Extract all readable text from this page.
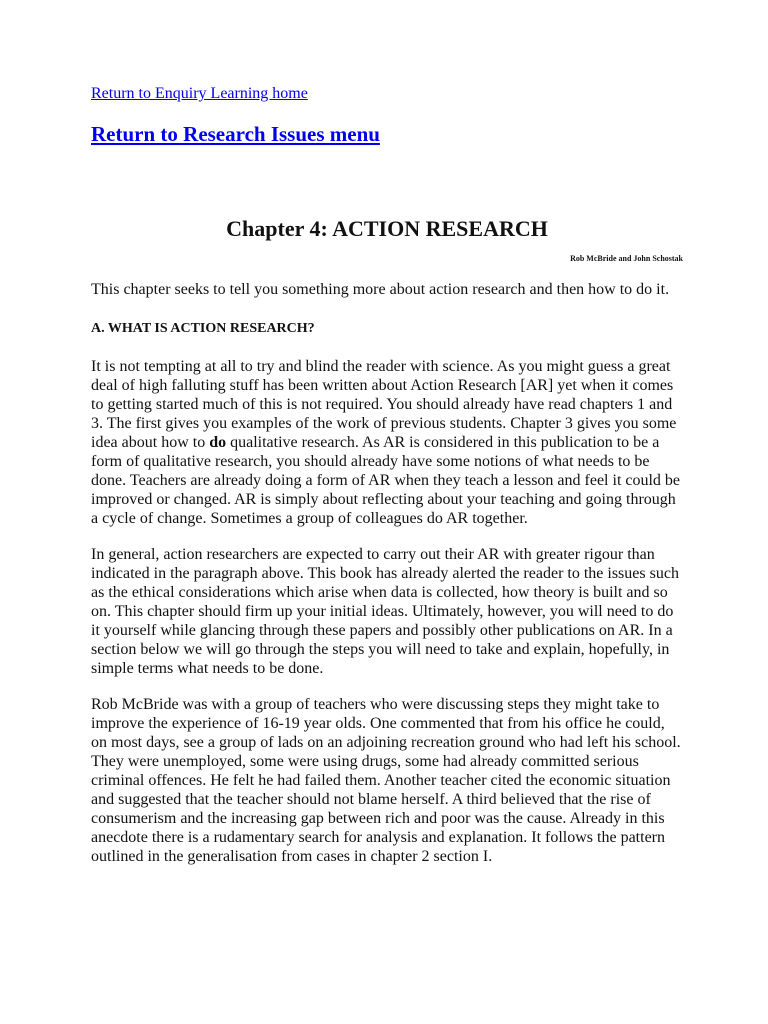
Return to Enquiry Learning home
Return to Research Issues menu
Chapter 4: ACTION RESEARCH
Rob McBride and John Schostak

This chapter seeks to tell you something more about action research and then how to do it.

A. WHAT IS ACTION RESEARCH?

It is not tempting at all to try and blind the reader with science. As you might guess a great deal of high falluting stuff has been written about Action Research [AR] yet when it comes to getting started much of this is not required. You should already have read chapters 1 and 3. The first gives you examples of the work of previous students. Chapter 3 gives you some idea about how to do qualitative research. As AR is considered in this publication to be a form of qualitative research, you should already have some notions of what needs to be done. Teachers are already doing a form of AR when they teach a lesson and feel it could be improved or changed. AR is simply about reflecting about your teaching and going through a cycle of change. Sometimes a group of colleagues do AR together.

In general, action researchers are expected to carry out their AR with greater rigour than indicated in the paragraph above. This book has already alerted the reader to the issues such as the ethical considerations which arise when data is collected, how theory is built and so on. This chapter should firm up your initial ideas. Ultimately, however, you will need to do it yourself while glancing through these papers and possibly other publications on AR. In a section below we will go through the steps you will need to take and explain, hopefully, in simple terms what needs to be done.

Rob McBride was with a group of teachers who were discussing steps they might take to improve the experience of 16-19 year olds. One commented that from his office he could, on most days, see a group of lads on an adjoining recreation ground who had left his school. They were unemployed, some were using drugs, some had already committed serious criminal offences. He felt he had failed them. Another teacher cited the economic situation and suggested that the teacher should not blame herself. A third believed that the rise of consumerism and the increasing gap between rich and poor was the cause. Already in this anecdote there is a rudamentary search for analysis and explanation. It follows the pattern outlined in the generalisation from cases in chapter 2 section I.
